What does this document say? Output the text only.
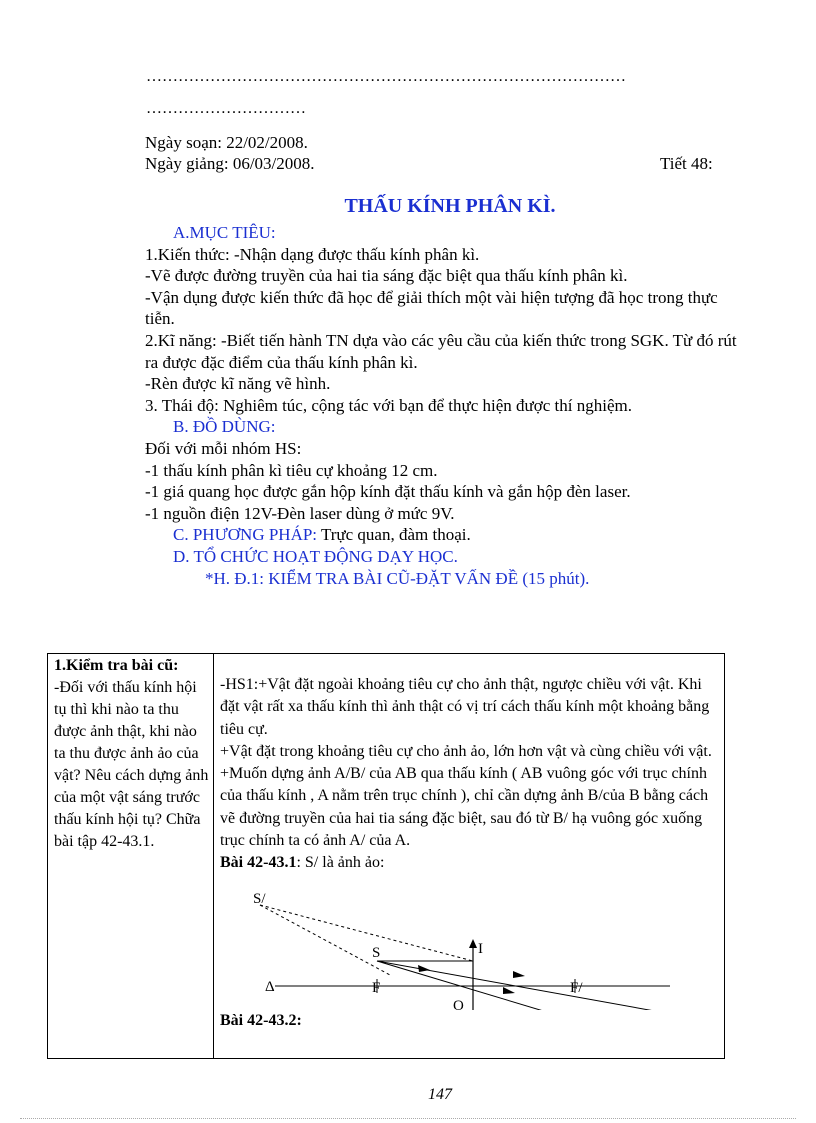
………………………………………………………………………………
…………………………
Ngày soạn: 22/02/2008.
Ngày giảng: 06/03/2008.	Tiết 48:
THẤU KÍNH PHÂN KÌ.

A.MỤC TIÊU:

1.Kiến thức: -Nhận dạng được thấu kính phân kì.

-Vẽ được đường truyền của hai tia sáng đặc biệt qua thấu kính phân kì.

-Vận dụng được kiến thức đã học để giải thích một vài hiện tượng đã học trong thực tiễn.

2.Kĩ năng: -Biết tiến hành TN dựa vào các yêu cầu của kiến thức trong SGK. Từ đó rút ra được đặc điểm của thấu kính phân kì.

-Rèn được kĩ năng vẽ hình.

3. Thái độ: Nghiêm túc, cộng tác với bạn để thực hiện được thí nghiệm.

B. ĐỒ DÙNG:

Đối với mỗi nhóm HS:

-1 thấu kính phân kì tiêu cự khoảng 12 cm.

-1 giá quang học được gắn hộp kính đặt thấu kính và gắn hộp đèn laser.

-1 nguồn điện 12V-Đèn laser dùng ở mức 9V.

C. PHƯƠNG PHÁP: Trực quan, đàm thoại.

D. TỔ CHỨC HOẠT ĐỘNG DẠY HỌC.

*H. Đ.1: KIỂM TRA BÀI CŨ-ĐẶT VẤN ĐỀ (15 phút).

1.Kiểm tra bài cũ:
-Đối với thấu kính hội tụ thì khi nào ta thu được ảnh thật, khi nào ta thu được ảnh ảo của vật? Nêu cách dựng ảnh của một vật sáng trước thấu kính hội tụ? Chữa bài tập 42-43.1.

-HS1:+Vật đặt ngoài khoảng tiêu cự cho ảnh thật, ngược chiều với vật. Khi đặt vật rất xa thấu kính thì ảnh thật có vị trí cách thấu kính một khoảng bằng tiêu cự.
+Vật đặt trong khoảng tiêu cự cho ảnh ảo, lớn hơn vật và cùng chiều với vật.
+Muốn dựng ảnh A/B/ của AB qua thấu kính ( AB vuông góc với trục chính của thấu kính , A nằm trên trục chính ), chỉ cần dựng ảnh B/của B bằng cách vẽ đường truyền của hai tia sáng đặc biệt, sau đó từ B/ hạ vuông góc xuống trục chính ta có ảnh A/ của A.
Bài 42-43.1: S/ là ảnh ảo:
S/
S	I
Δ	F	F/
O
Bài 42-43.2:
147
